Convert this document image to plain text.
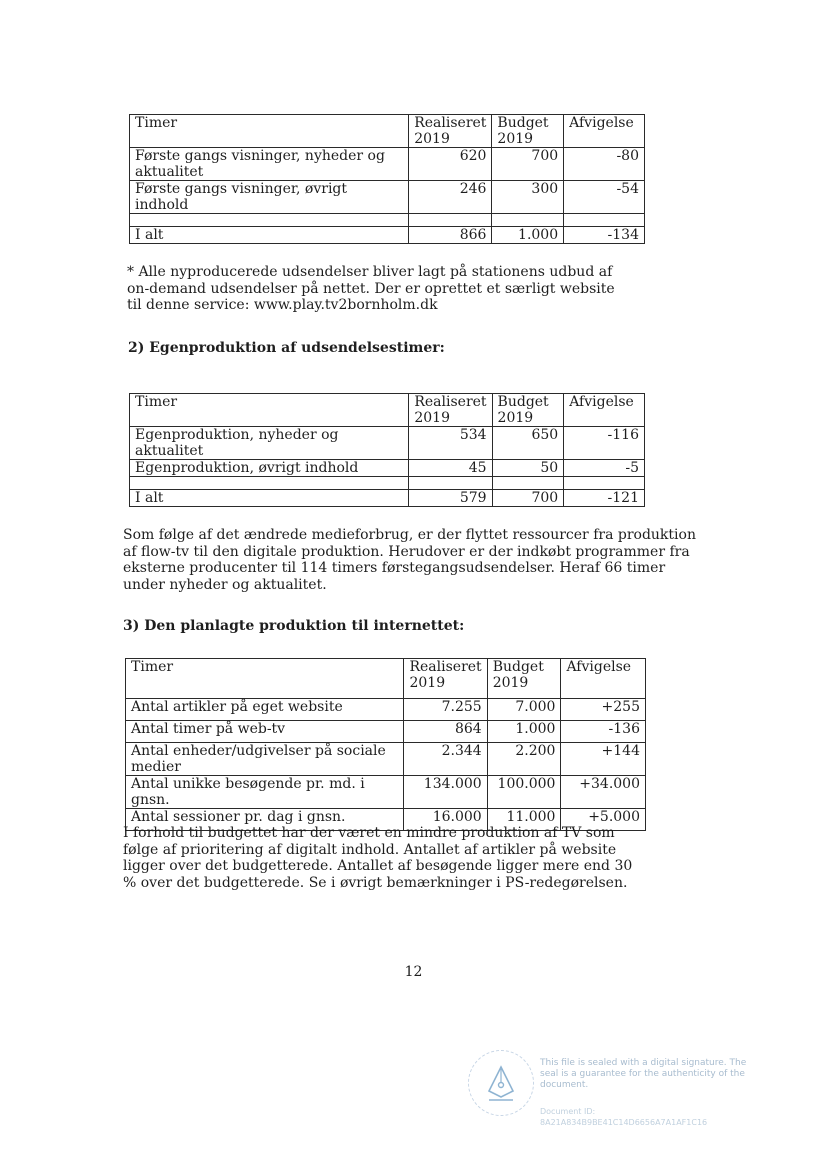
Timer	Realiseret 2019	Budget 2019	Afvigelse
Første gangs visninger, nyheder og aktualitet	620	700	-80
Første gangs visninger, øvrigt indhold	246	300	-54

I alt	866	1.000	-134

* Alle nyproducerede udsendelser bliver lagt på stationens udbud af on-demand udsendelser på nettet. Der er oprettet et særligt website til denne service: www.play.tv2bornholm.dk

2) Egenproduktion af udsendelsestimer:

Timer	Realiseret 2019	Budget 2019	Afvigelse
Egenproduktion, nyheder og aktualitet	534	650	-116
Egenproduktion, øvrigt indhold	45	50	-5

I alt	579	700	-121

Som følge af det ændrede medieforbrug, er der flyttet ressourcer fra produktion af flow-tv til den digitale produktion. Herudover er der indkøbt programmer fra eksterne producenter til 114 timers førstegangsudsendelser. Heraf 66 timer under nyheder og aktualitet.

3) Den planlagte produktion til internettet:

Timer	Realiseret 2019	Budget 2019	Afvigelse
Antal artikler på eget website	7.255	7.000	+255
Antal timer på web-tv	864	1.000	-136
Antal enheder/udgivelser på sociale medier	2.344	2.200	+144
Antal unikke besøgende pr. md. i gnsn.	134.000	100.000	+34.000
Antal sessioner pr. dag i gnsn.	16.000	11.000	+5.000

I forhold til budgettet har der været en mindre produktion af TV som følge af prioritering af digitalt indhold. Antallet af artikler på website ligger over det budgetterede. Antallet af besøgende ligger mere end 30 % over det budgetterede. Se i øvrigt bemærkninger i PS-redegørelsen.

12
This file is sealed with a digital signature. The seal is a guarantee for the authenticity of the document.
Document ID:
8A21A834B9BE41C14D6656A7A1AF1C16
